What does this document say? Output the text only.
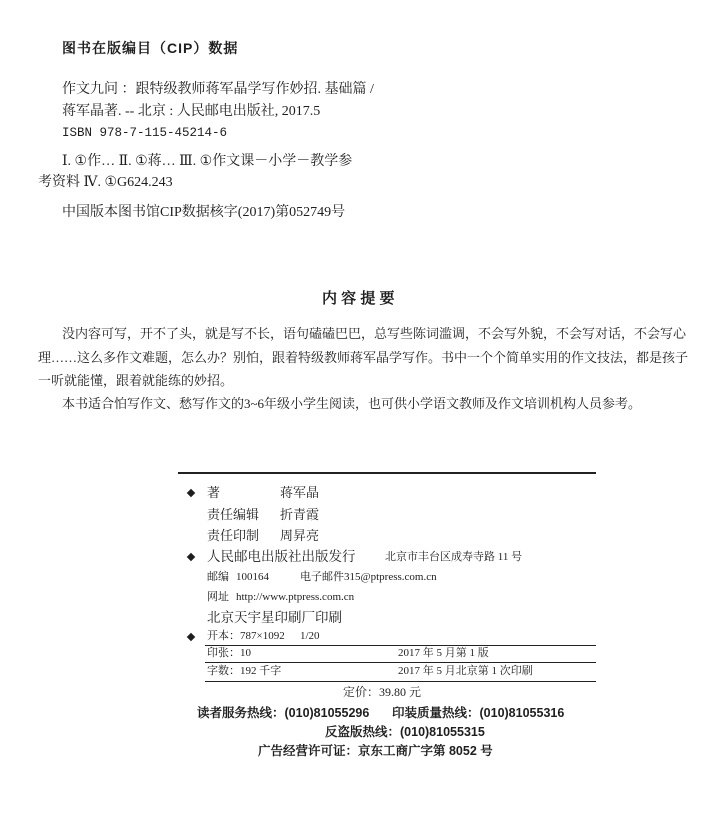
图书在版编目（CIP）数据
作文九问 ：跟特级教师蒋军晶学写作妙招. 基础篇 /
蒋军晶著. -- 北京 : 人民邮电出版社, 2017.5
ISBN 978-7-115-45214-6
Ⅰ. ①作… Ⅱ. ①蒋… Ⅲ. ①作文课－小学－教学参
考资料 Ⅳ. ①G624.243
中国版本图书馆CIP数据核字(2017)第052749号
内 容 提 要
没内容可写，开不了头，就是写不长，语句磕磕巴巴，总写些陈词滥调，不会写外貌，不会写对话，不会写心
理……这么多作文难题，怎么办？别怕，跟着特级教师蒋军晶学写作。书中一个个简单实用的作文技法，都是孩子
一听就能懂，跟着就能练的妙招。
本书适合怕写作文、愁写作文的3~6年级小学生阅读，也可供小学语文教师及作文培训机构人员参考。
著	蒋军晶
责任编辑 折青霞
责任印制 周昇亮
人民邮电出版社出版发行	北京市丰台区成寿寺路 11 号
邮编 100164	电子邮件 315@ptpress.com.cn
网址 http://www.ptpress.com.cn
北京天宇星印刷厂印刷
开本：787×1092 1/20
印张：10	2017 年 5 月第 1 版
字数：192 千字	2017 年 5 月北京第 1 次印刷
定价：39.80 元
读者服务热线：(010)81055296 印装质量热线：(010)81055316
反盗版热线：(010)81055315
广告经营许可证：京东工商广字第 8052 号
